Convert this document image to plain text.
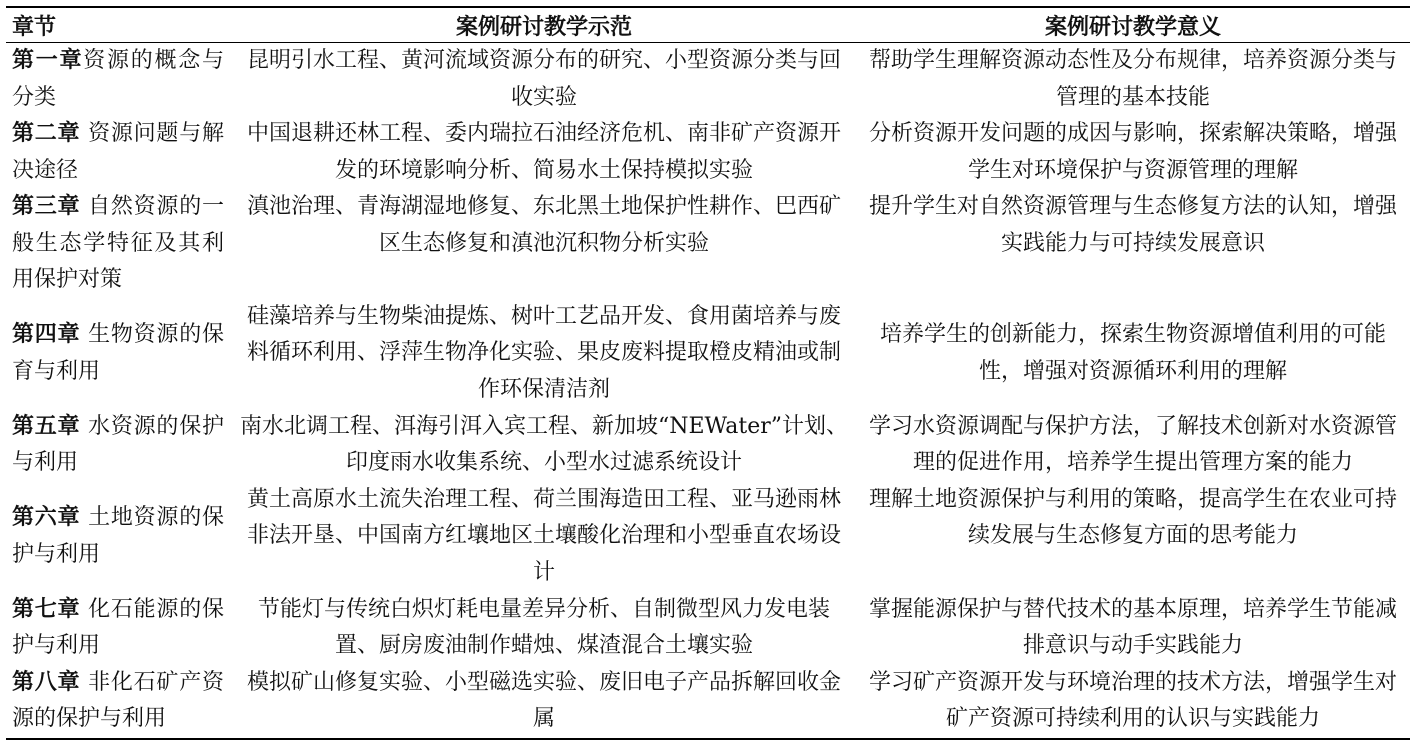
章节	案例研讨教学示范	案例研讨教学意义
第一章资源的概念与分类	昆明引水工程、黄河流域资源分布的研究、小型资源分类与回收实验	帮助学生理解资源动态性及分布规律，培养资源分类与管理的基本技能
第二章 资源问题与解决途径	中国退耕还林工程、委内瑞拉石油经济危机、南非矿产资源开发的环境影响分析、简易水土保持模拟实验	分析资源开发问题的成因与影响，探索解决策略，增强学生对环境保护与资源管理的理解
第三章 自然资源的一般生态学特征及其利用保护对策	滇池治理、青海湖湿地修复、东北黑土地保护性耕作、巴西矿区生态修复和滇池沉积物分析实验	提升学生对自然资源管理与生态修复方法的认知，增强实践能力与可持续发展意识
第四章 生物资源的保育与利用	硅藻培养与生物柴油提炼、树叶工艺品开发、食用菌培养与废料循环利用、浮萍生物净化实验、果皮废料提取橙皮精油或制作环保清洁剂	培养学生的创新能力，探索生物资源增值利用的可能性，增强对资源循环利用的理解
第五章 水资源的保护与利用	南水北调工程、洱海引洱入宾工程、新加坡“NEWater”计划、印度雨水收集系统、小型水过滤系统设计	学习水资源调配与保护方法，了解技术创新对水资源管理的促进作用，培养学生提出管理方案的能力
第六章 土地资源的保护与利用	黄土高原水土流失治理工程、荷兰围海造田工程、亚马逊雨林非法开垦、中国南方红壤地区土壤酸化治理和小型垂直农场设计	理解土地资源保护与利用的策略，提高学生在农业可持续发展与生态修复方面的思考能力
第七章 化石能源的保护与利用	节能灯与传统白炽灯耗电量差异分析、自制微型风力发电装置、厨房废油制作蜡烛、煤渣混合土壤实验	掌握能源保护与替代技术的基本原理，培养学生节能减排意识与动手实践能力
第八章 非化石矿产资源的保护与利用	模拟矿山修复实验、小型磁选实验、废旧电子产品拆解回收金属	学习矿产资源开发与环境治理的技术方法，增强学生对矿产资源可持续利用的认识与实践能力
